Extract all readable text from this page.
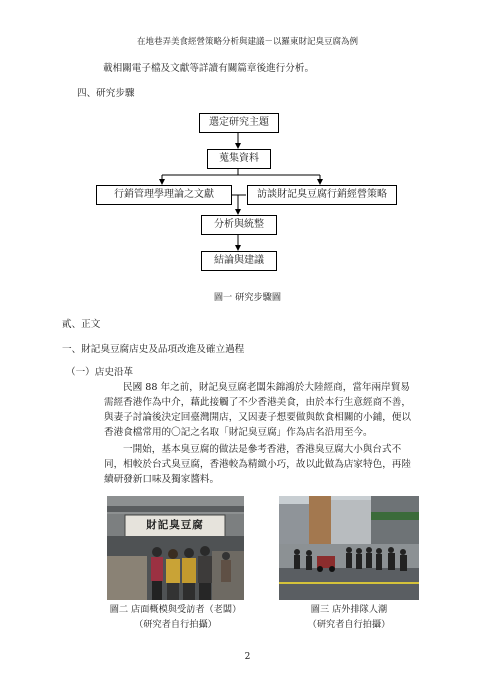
在地巷弄美食經營策略分析與建議－以羅東財記臭豆腐為例
載相關電子檔及文獻等詳讀有關篇章後進行分析。
四、研究步驟
選定研究主題
蒐集資料
行銷管理學理論之文獻	訪談財記臭豆腐行銷經營策略
分析與統整
結論與建議
圖一 研究步驟圖
貳、正文
一、財記臭豆腐店史及品項改進及確立過程
（一）店史沿革
民國 88 年之前，財記臭豆腐老闆朱錦鴻於大陸經商，當年兩岸貿易
需經香港作為中介，藉此接觸了不少香港美食，由於本行生意經商不善，
與妻子討論後決定回臺灣開店，又因妻子想要做與飲食相關的小鋪，便以
香港食檔常用的〇記之名取「財記臭豆腐」作為店名沿用至今。
一開始，基本臭豆腐的做法是參考香港，香港臭豆腐大小與台式不
同，相較於台式臭豆腐，香港較為精緻小巧，故以此做為店家特色，再陸
續研發新口味及獨家醬料。
財記臭豆腐
圖二 店面概模與受訪者（老闆）
（研究者自行拍攝）
圖三 店外排隊人潮
（研究者自行拍攝）
2
